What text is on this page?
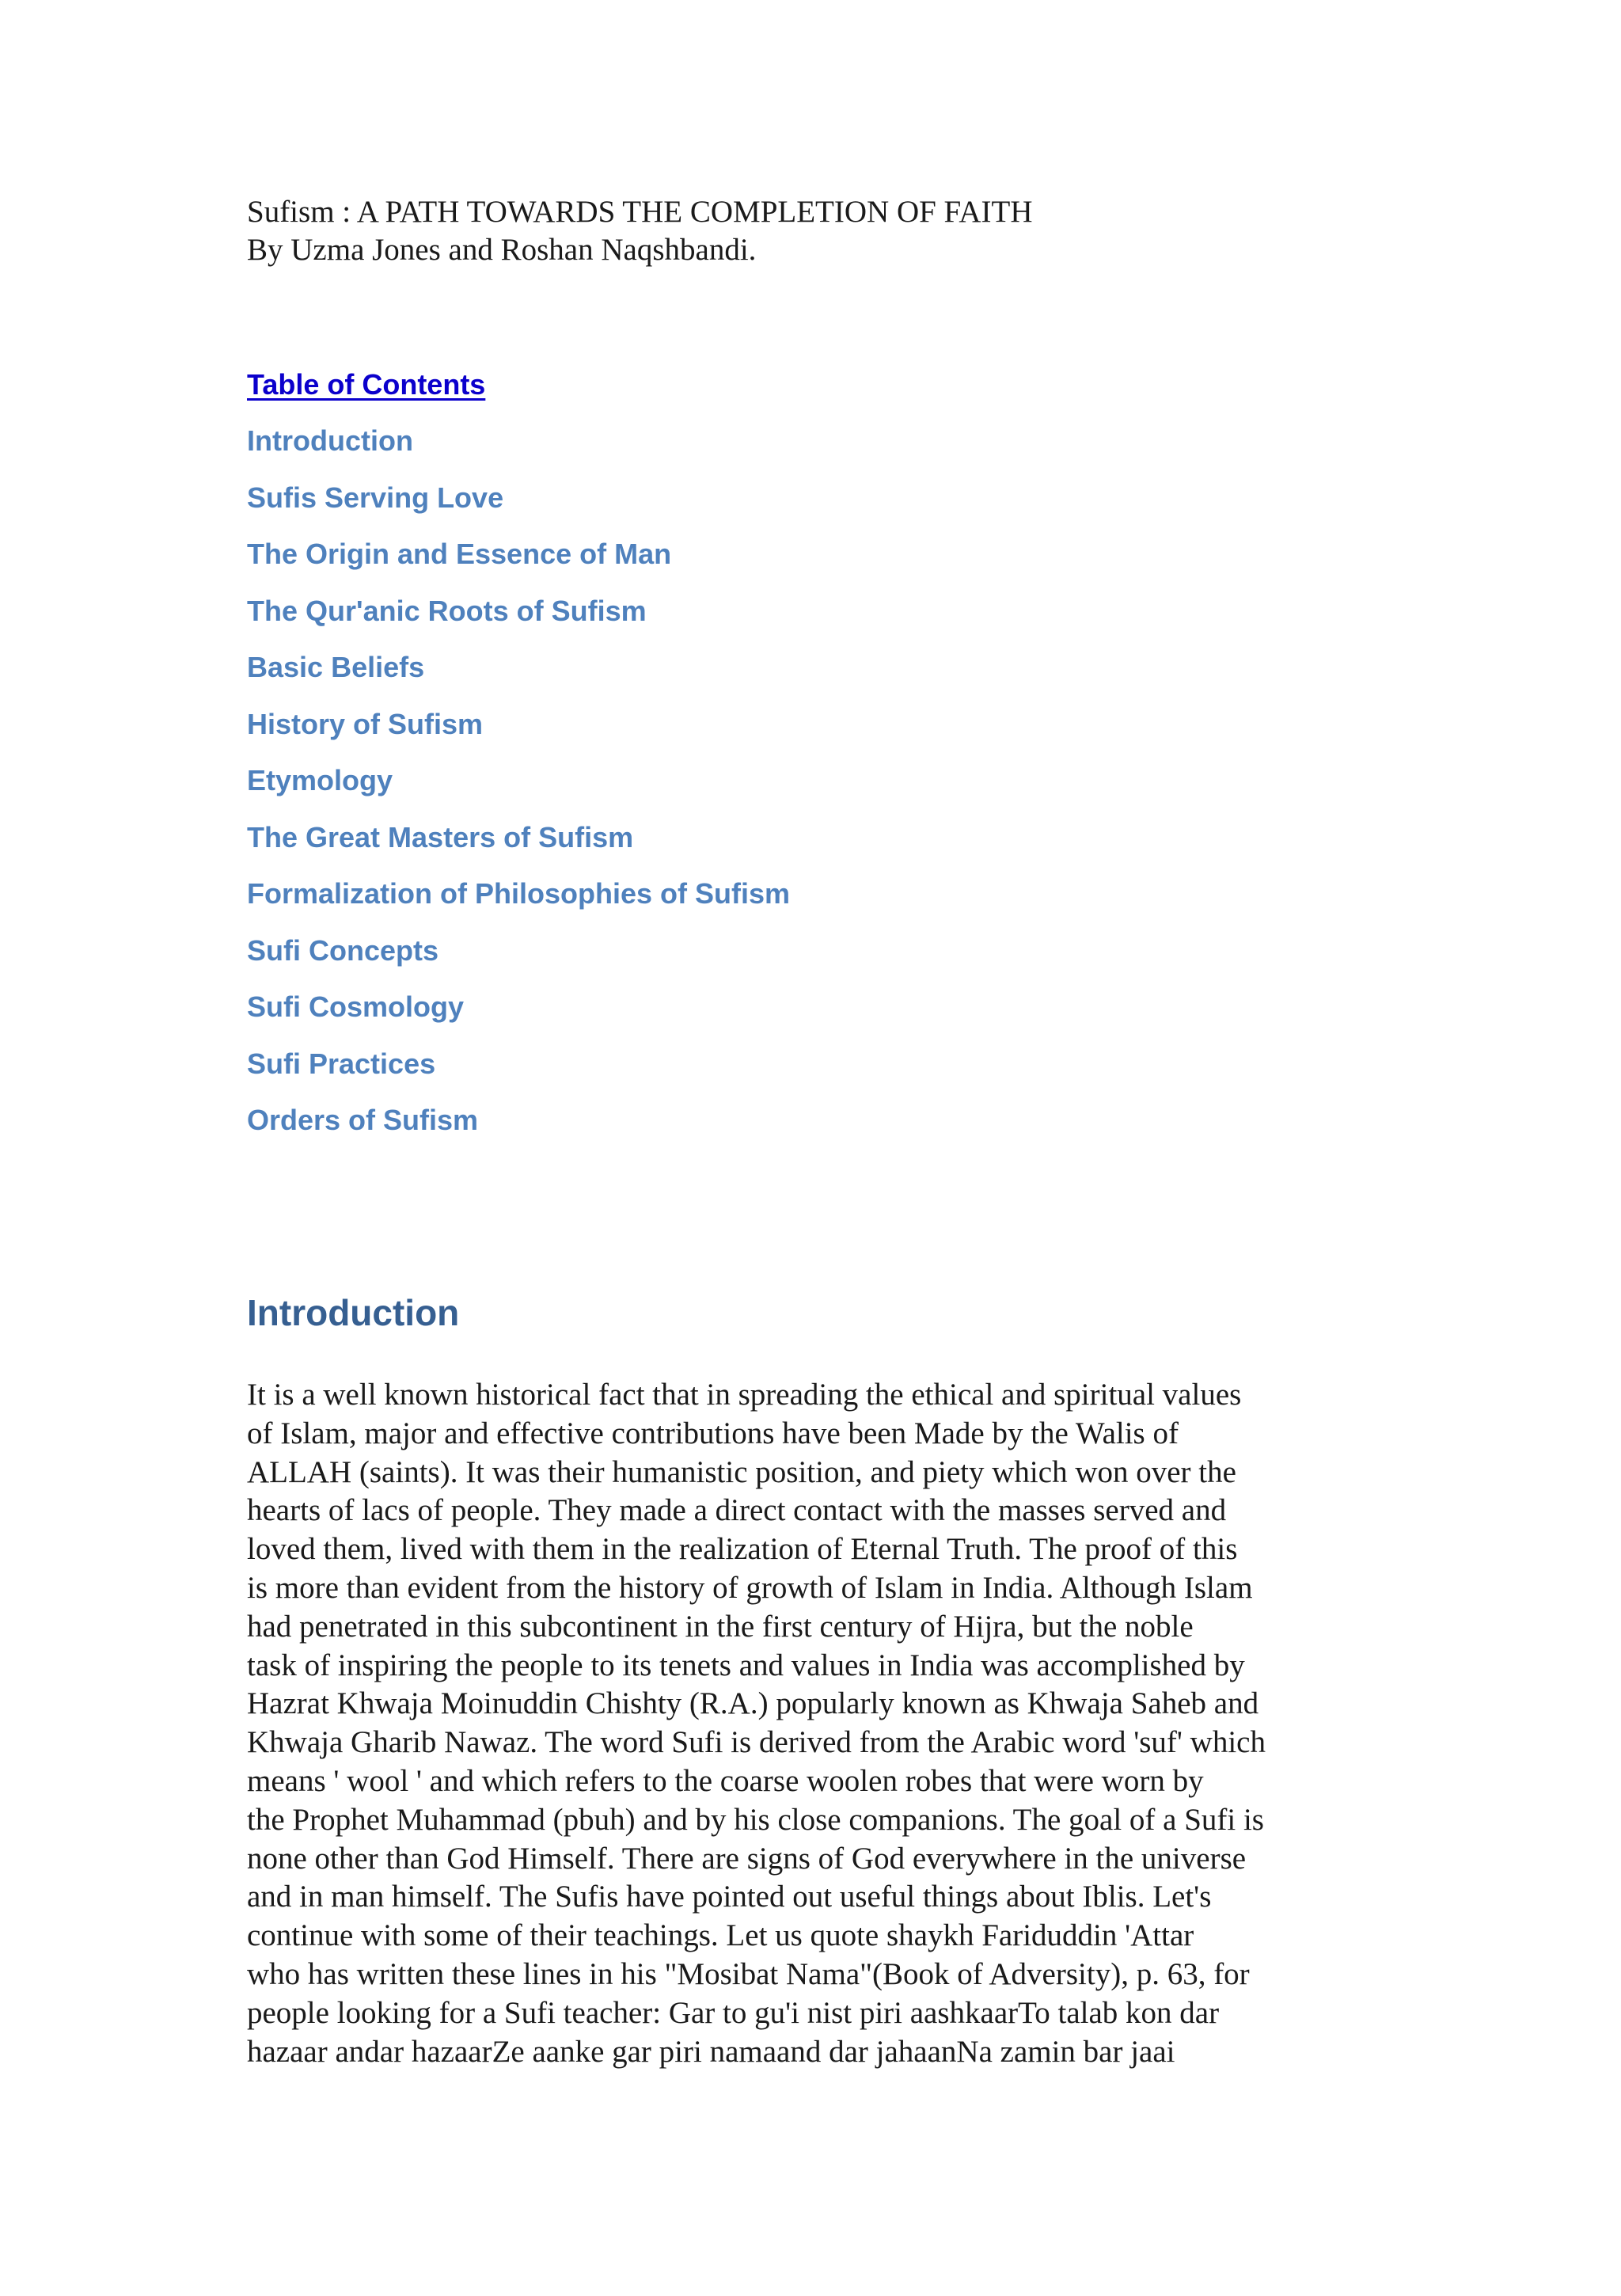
Sufism : A PATH TOWARDS THE COMPLETION OF FAITH
By Uzma Jones and Roshan Naqshbandi.
Table of Contents
Introduction
Sufis Serving Love
The Origin and Essence of Man
The Qur'anic Roots of Sufism
Basic Beliefs
History of Sufism
Etymology
The Great Masters of Sufism
Formalization of Philosophies of Sufism
Sufi Concepts
Sufi Cosmology
Sufi Practices
Orders of Sufism
Introduction

It is a well known historical fact that in spreading the ethical and spiritual values
of Islam, major and effective contributions have been Made by the Walis of
ALLAH (saints). It was their humanistic position, and piety which won over the
hearts of lacs of people. They made a direct contact with the masses served and
loved them, lived with them in the realization of Eternal Truth. The proof of this
is more than evident from the history of growth of Islam in India. Although Islam
had penetrated in this subcontinent in the first century of Hijra, but the noble
task of inspiring the people to its tenets and values in India was accomplished by
Hazrat Khwaja Moinuddin Chishty (R.A.) popularly known as Khwaja Saheb and
Khwaja Gharib Nawaz. The word Sufi is derived from the Arabic word 'suf' which
means ' wool ' and which refers to the coarse woolen robes that were worn by
the Prophet Muhammad (pbuh) and by his close companions. The goal of a Sufi is
none other than God Himself. There are signs of God everywhere in the universe
and in man himself. The Sufis have pointed out useful things about Iblis. Let's
continue with some of their teachings. Let us quote shaykh Fariduddin 'Attar
who has written these lines in his "Mosibat Nama"(Book of Adversity), p. 63, for
people looking for a Sufi teacher: Gar to gu'i nist piri aashkaarTo talab kon dar
hazaar andar hazaarZe aanke gar piri namaand dar jahaanNa zamin bar jaai
